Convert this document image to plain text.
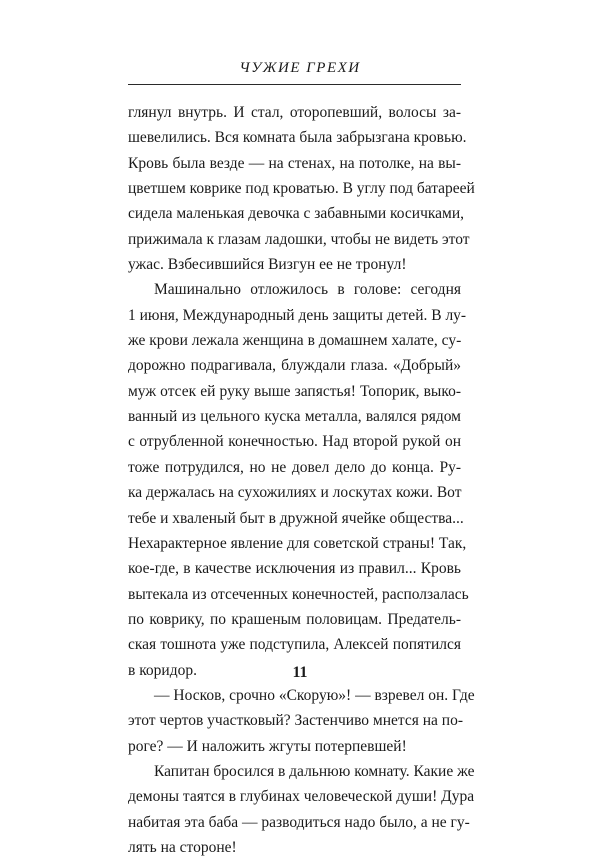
ЧУЖИЕ ГРЕХИ
глянул внутрь. И стал, оторопевший, волосы за-
шевелились. Вся комната была забрызгана кровью.
Кровь была везде — на стенах, на потолке, на вы-
цветшем коврике под кроватью. В углу под батареей
сидела маленькая девочка с забавными косичками,
прижимала к глазам ладошки, чтобы не видеть этот
ужас. Взбесившийся Визгун ее не тронул!
Машинально отложилось в голове: сегодня
1 июня, Международный день защиты детей. В лу-
же крови лежала женщина в домашнем халате, су-
дорожно подрагивала, блуждали глаза. «Добрый»
муж отсек ей руку выше запястья! Топорик, выко-
ванный из цельного куска металла, валялся рядом
с отрубленной конечностью. Над второй рукой он
тоже потрудился, но не довел дело до конца. Ру-
ка держалась на сухожилиях и лоскутах кожи. Вот
тебе и хваленый быт в дружной ячейке общества...
Нехарактерное явление для советской страны! Так,
кое-где, в качестве исключения из правил... Кровь
вытекала из отсеченных конечностей, расползалась
по коврику, по крашеным половицам. Предатель-
ская тошнота уже подступила, Алексей попятился
в коридор.
— Носков, срочно «Скорую»! — взревел он. Где
этот чертов участковый? Застенчиво мнется на по-
роге? — И наложить жгуты потерпевшей!
Капитан бросился в дальнюю комнату. Какие же
демоны таятся в глубинах человеческой души! Дура
набитая эта баба — разводиться надо было, а не гу-
лять на стороне!
11
